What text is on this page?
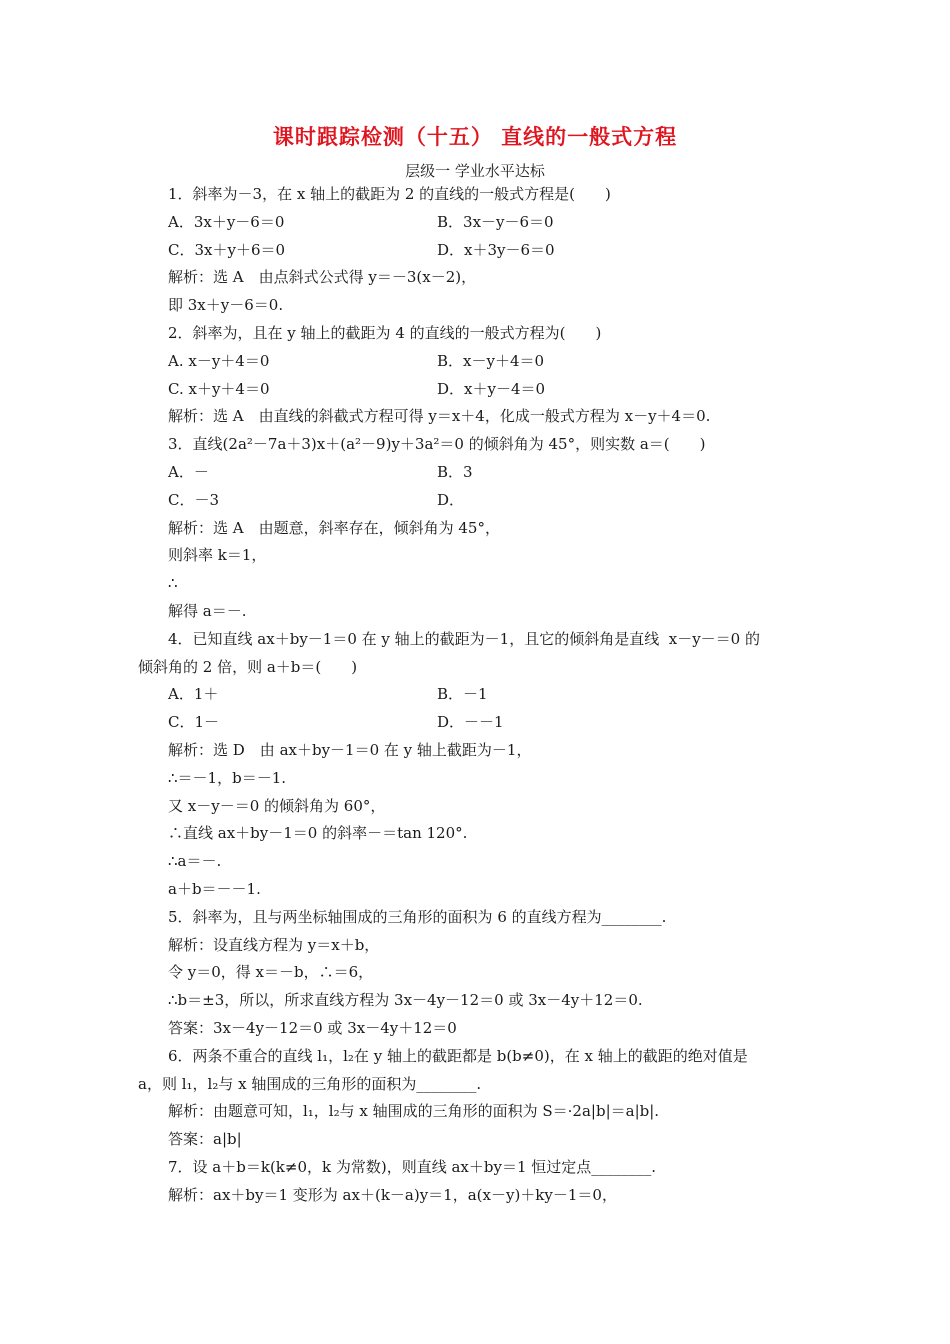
课时跟踪检测（十五） 直线的一般式方程
层级一 学业水平达标
1．斜率为－3，在 x 轴上的截距为 2 的直线的一般式方程是(　　)
A．3x＋y－6＝0	B．3x－y－6＝0
C．3x＋y＋6＝0	D．x＋3y－6＝0
解析：选 A　由点斜式公式得 y＝－3(x－2)，
即 3x＋y－6＝0.
2．斜率为，且在 y 轴上的截距为 4 的直线的一般式方程为(　　)
A. x－y＋4＝0	B．x－y＋4＝0
C. x＋y＋4＝0	D．x＋y－4＝0
解析：选 A　由直线的斜截式方程可得 y＝x＋4，化成一般式方程为 x－y＋4＝0.
3．直线(2a²－7a＋3)x＋(a²－9)y＋3a²＝0 的倾斜角为 45°，则实数 a＝(　　)
A．－	B．3
C．－3	D．
解析：选 A　由题意，斜率存在，倾斜角为 45°，
则斜率 k＝1，
∴
解得 a＝－.
4．已知直线 ax＋by－1＝0 在 y 轴上的截距为－1，且它的倾斜角是直线  x－y－＝0 的
倾斜角的 2 倍，则 a＋b＝(　　)
A．1＋	B．－1
C．1－	D．－－1
解析：选 D　由 ax＋by－1＝0 在 y 轴上截距为－1，
∴＝－1，b＝－1.
又 x－y－＝0 的倾斜角为 60°，
∴直线 ax＋by－1＝0 的斜率－＝tan 120°.
∴a＝－.
a＋b＝－－1.
5．斜率为，且与两坐标轴围成的三角形的面积为 6 的直线方程为________.
解析：设直线方程为 y＝x＋b，
令 y＝0，得 x＝－b，∴＝6，
∴b＝±3，所以，所求直线方程为 3x－4y－12＝0 或 3x－4y＋12＝0.
答案：3x－4y－12＝0 或 3x－4y＋12＝0
6．两条不重合的直线 l₁，l₂在 y 轴上的截距都是 b(b≠0)，在 x 轴上的截距的绝对值是
a，则 l₁，l₂与 x 轴围成的三角形的面积为________.
解析：由题意可知，l₁，l₂与 x 轴围成的三角形的面积为 S＝·2a|b|＝a|b|.
答案：a|b|
7．设 a＋b＝k(k≠0，k 为常数)，则直线 ax＋by＝1 恒过定点________.
解析：ax＋by＝1 变形为 ax＋(k－a)y＝1，a(x－y)＋ky－1＝0，
